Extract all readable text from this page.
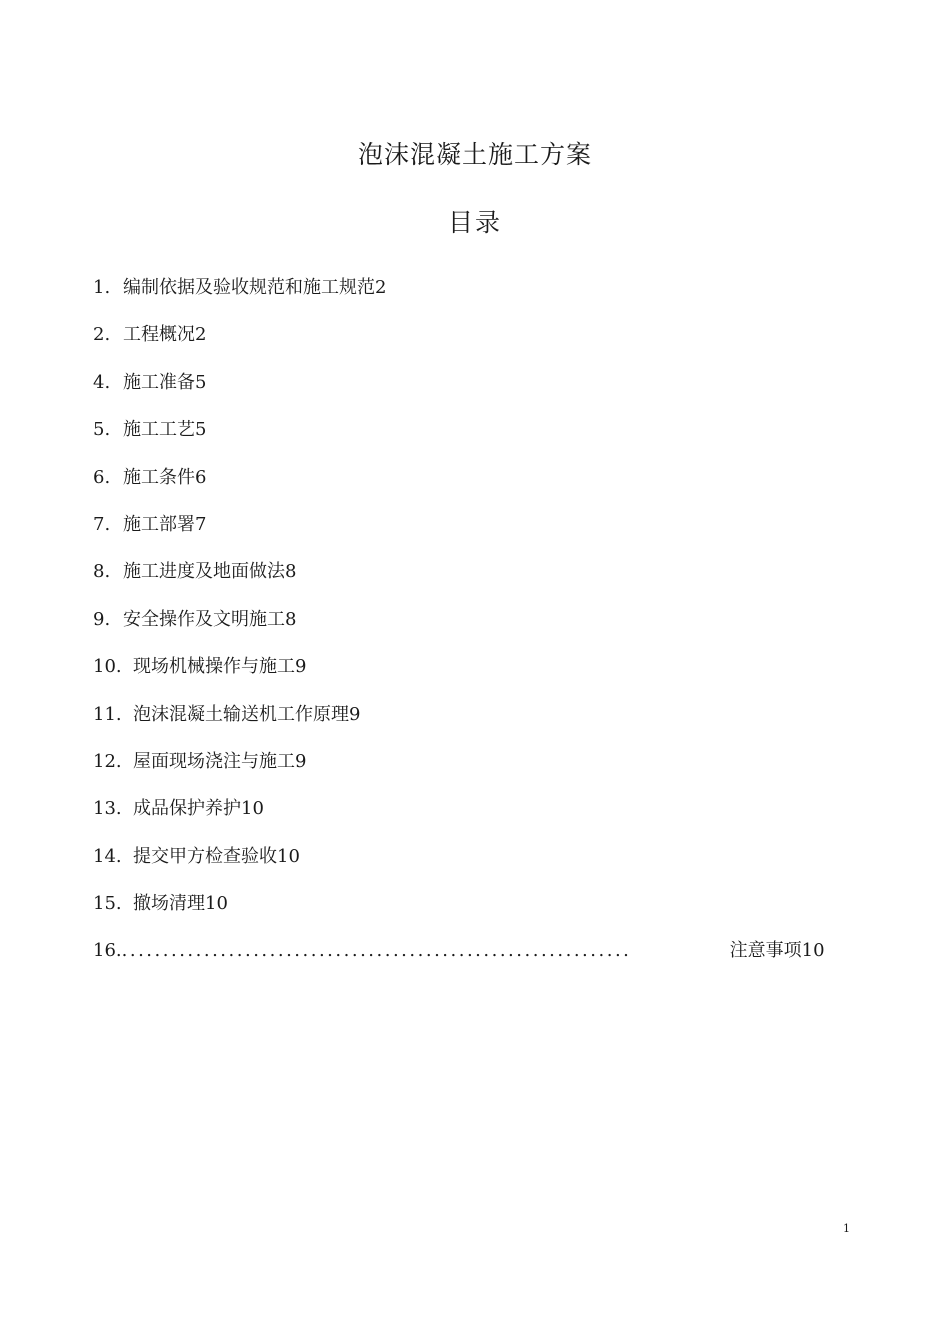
泡沫混凝土施工方案
目录
1. 编制依据及验收规范和施工规范 2
2. 工程概况 2
4. 施工准备 5
5. 施工工艺 5
6. 施工条件 6
7. 施工部署 7
8. 施工进度及地面做法 8
9. 安全操作及文明施工 8
10. 现场机械操作与施工 9
11. 泡沫混凝土输送机工作原理 9
12. 屋面现场浇注与施工 9
13. 成品保护养护 10
14. 提交甲方检查验收 10
15. 撤场清理 10
16. ..............................................................	注意事项 10
1
